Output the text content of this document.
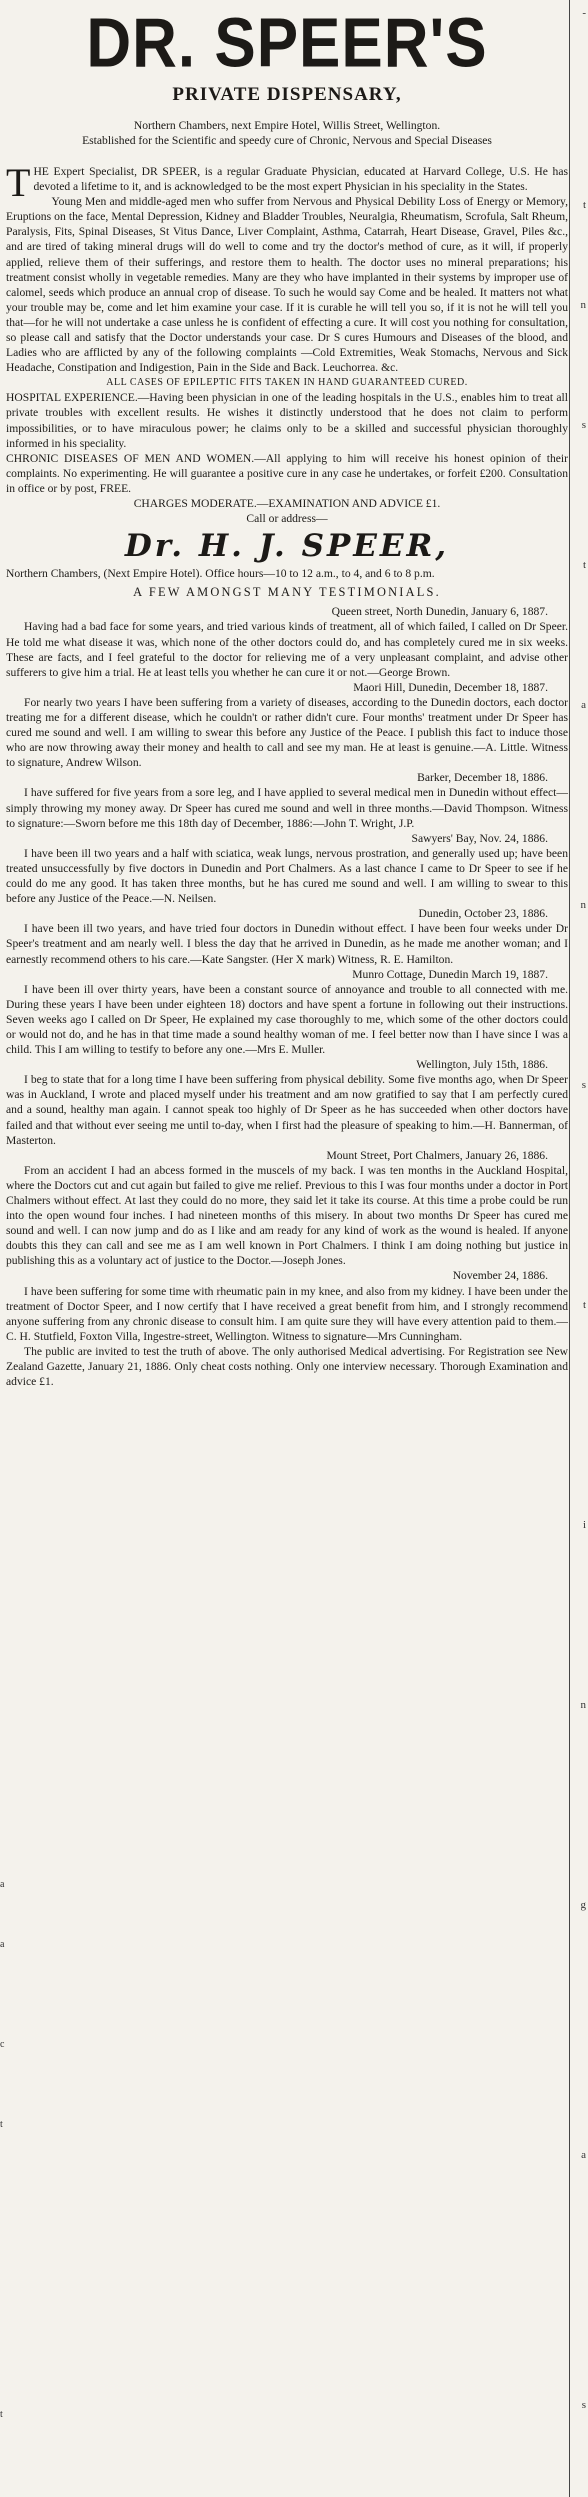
a
a
c
t
t
-
t
n
s
t
a
n
s
t
i
n
g
a
s
DR. SPEER'S
PRIVATE DISPENSARY,
Northern Chambers, next Empire Hotel, Willis Street, Wellington.
Established for the Scientific and speedy cure of Chronic, Nervous and Special Diseases

THE Expert Specialist, DR SPEER, is a regular Graduate Physician, educated at Harvard College, U.S. He has devoted a lifetime to it, and is acknowledged to be the most expert Physician in his speciality in the States.

Young Men and middle-aged men who suffer from Nervous and Physical Debility Loss of Energy or Memory, Eruptions on the face, Mental Depression, Kidney and Bladder Troubles, Neuralgia, Rheumatism, Scrofula, Salt Rheum, Paralysis, Fits, Spinal Diseases, St Vitus Dance, Liver Complaint, Asthma, Catarrah, Heart Disease, Gravel, Piles &c., and are tired of taking mineral drugs will do well to come and try the doctor's method of cure, as it will, if properly applied, relieve them of their sufferings, and restore them to health. The doctor uses no mineral preparations; his treatment consist wholly in vegetable remedies. Many are they who have implanted in their systems by improper use of calomel, seeds which produce an annual crop of disease. To such he would say Come and be healed. It matters not what your trouble may be, come and let him examine your case. If it is curable he will tell you so, if it is not he will tell you that—for he will not undertake a case unless he is confident of effecting a cure. It will cost you nothing for consultation, so please call and satisfy that the Doctor understands your case. Dr S cures Humours and Diseases of the blood, and Ladies who are afflicted by any of the following complaints —Cold Extremities, Weak Stomachs, Nervous and Sick Headache, Constipation and Indigestion, Pain in the Side and Back. Leuchorrea. &c.

ALL CASES OF EPILEPTIC FITS TAKEN IN HAND GUARANTEED CURED.

HOSPITAL EXPERIENCE.—Having been physician in one of the leading hospitals in the U.S., enables him to treat all private troubles with excellent results. He wishes it distinctly understood that he does not claim to perform impossibilities, or to have miraculous power; he claims only to be a skilled and successful physician thoroughly informed in his speciality.

CHRONIC DISEASES OF MEN AND WOMEN.—All applying to him will receive his honest opinion of their complaints. No experimenting. He will guarantee a positive cure in any case he undertakes, or forfeit £200. Consultation in office or by post, FREE.

CHARGES MODERATE.—EXAMINATION AND ADVICE £1.
Call or address—
Dr. H. J. SPEER,

Northern Chambers, (Next Empire Hotel). Office hours—10 to 12 a.m., to 4, and 6 to 8 p.m.

A FEW AMONGST MANY TESTIMONIALS.
Queen street, North Dunedin, January 6, 1887.

Having had a bad face for some years, and tried various kinds of treatment, all of which failed, I called on Dr Speer. He told me what disease it was, which none of the other doctors could do, and has completely cured me in six weeks. These are facts, and I feel grateful to the doctor for relieving me of a very unpleasant complaint, and advise other sufferers to give him a trial. He at least tells you whether he can cure it or not.—George Brown.

Maori Hill, Dunedin, December 18, 1887.

For nearly two years I have been suffering from a variety of diseases, according to the Dunedin doctors, each doctor treating me for a different disease, which he couldn't or rather didn't cure. Four months' treatment under Dr Speer has cured me sound and well. I am willing to swear this before any Justice of the Peace. I publish this fact to induce those who are now throwing away their money and health to call and see my man. He at least is genuine.—A. Little. Witness to signature, Andrew Wilson.

Barker, December 18, 1886.

I have suffered for five years from a sore leg, and I have applied to several medical men in Dunedin without effect—simply throwing my money away. Dr Speer has cured me sound and well in three months.—David Thompson. Witness to signature:—Sworn before me this 18th day of December, 1886:—John T. Wright, J.P.

Sawyers' Bay, Nov. 24, 1886.

I have been ill two years and a half with sciatica, weak lungs, nervous prostration, and generally used up; have been treated unsuccessfully by five doctors in Dunedin and Port Chalmers. As a last chance I came to Dr Speer to see if he could do me any good. It has taken three months, but he has cured me sound and well. I am willing to swear to this before any Justice of the Peace.—N. Neilsen.

Dunedin, October 23, 1886.

I have been ill two years, and have tried four doctors in Dunedin without effect. I have been four weeks under Dr Speer's treatment and am nearly well. I bless the day that he arrived in Dunedin, as he made me another woman; and I earnestly recommend others to his care.—Kate Sangster. (Her X mark) Witness, R. E. Hamilton.

Munro Cottage, Dunedin March 19, 1887.

I have been ill over thirty years, have been a constant source of annoyance and trouble to all connected with me. During these years I have been under eighteen 18) doctors and have spent a fortune in following out their instructions. Seven weeks ago I called on Dr Speer, He explained my case thoroughly to me, which some of the other doctors could or would not do, and he has in that time made a sound healthy woman of me. I feel better now than I have since I was a child. This I am willing to testify to before any one.—Mrs E. Muller.

Wellington, July 15th, 1886.

I beg to state that for a long time I have been suffering from physical debility. Some five months ago, when Dr Speer was in Auckland, I wrote and placed myself under his treatment and am now gratified to say that I am perfectly cured and a sound, healthy man again. I cannot speak too highly of Dr Speer as he has succeeded when other doctors have failed and that without ever seeing me until to-day, when I first had the pleasure of speaking to him.—H. Bannerman, of Masterton.

Mount Street, Port Chalmers, January 26, 1886.

From an accident I had an abcess formed in the muscels of my back. I was ten months in the Auckland Hospital, where the Doctors cut and cut again but failed to give me relief. Previous to this I was four months under a doctor in Port Chalmers without effect. At last they could do no more, they said let it take its course. At this time a probe could be run into the open wound four inches. I had nineteen months of this misery. In about two months Dr Speer has cured me sound and well. I can now jump and do as I like and am ready for any kind of work as the wound is healed. If anyone doubts this they can call and see me as I am well known in Port Chalmers. I think I am doing nothing but justice in publishing this as a voluntary act of justice to the Doctor.—Joseph Jones.

November 24, 1886.

I have been suffering for some time with rheumatic pain in my knee, and also from my kidney. I have been under the treatment of Doctor Speer, and I now certify that I have received a great benefit from him, and I strongly recommend anyone suffering from any chronic disease to consult him. I am quite sure they will have every attention paid to them.—C. H. Stutfield, Foxton Villa, Ingestre-street, Wellington. Witness to signature—Mrs Cunningham.

The public are invited to test the truth of above. The only authorised Medical advertising. For Registration see New Zealand Gazette, January 21, 1886. Only cheat costs nothing. Only one interview necessary. Thorough Examination and advice £1.
